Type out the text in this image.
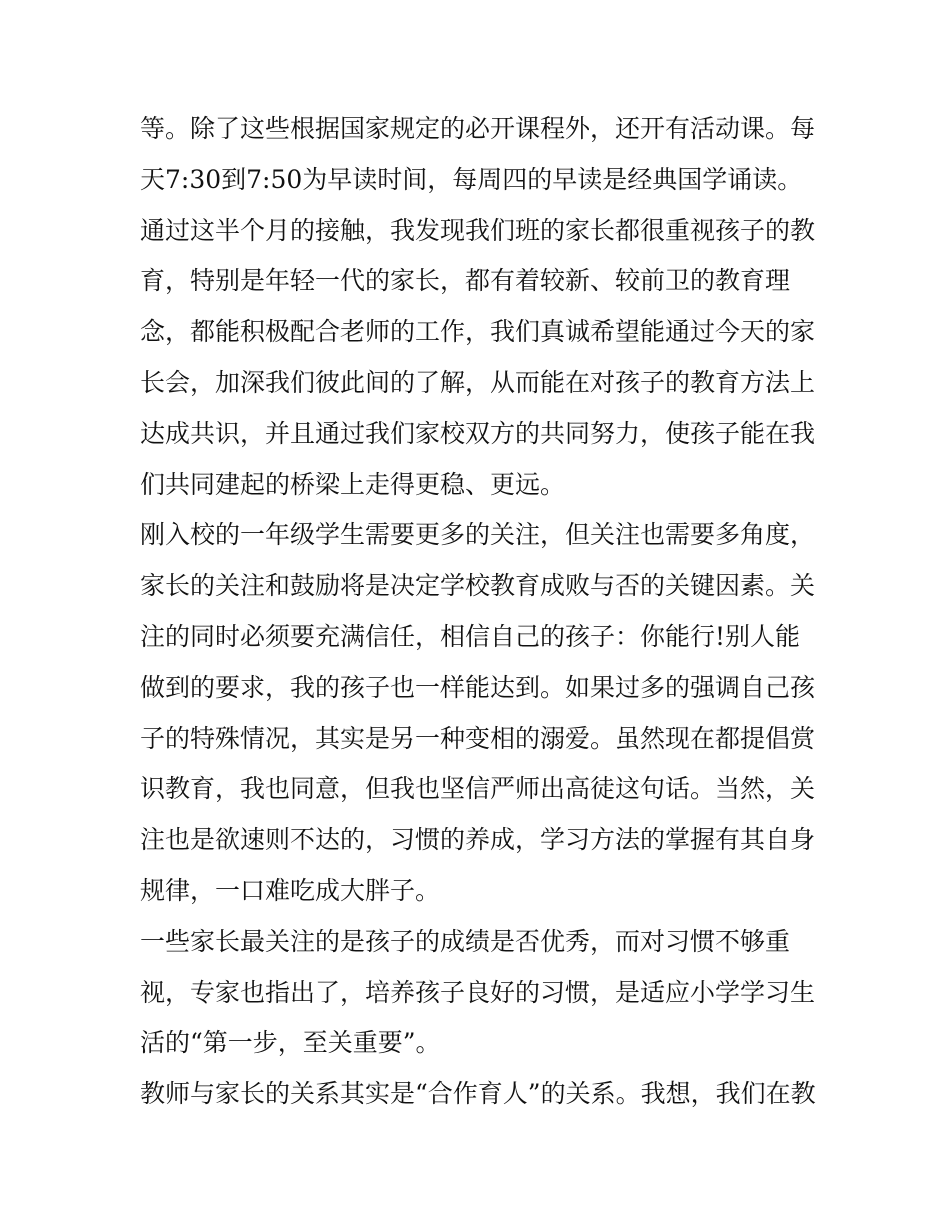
等。除了这些根据国家规定的必开课程外，还开有活动课。每
天7:30到7:50为早读时间，每周四的早读是经典国学诵读。
通过这半个月的接触，我发现我们班的家长都很重视孩子的教
育，特别是年轻一代的家长，都有着较新、较前卫的教育理
念，都能积极配合老师的工作，我们真诚希望能通过今天的家
长会，加深我们彼此间的了解，从而能在对孩子的教育方法上
达成共识，并且通过我们家校双方的共同努力，使孩子能在我
们共同建起的桥梁上走得更稳、更远。
刚入校的一年级学生需要更多的关注，但关注也需要多角度，
家长的关注和鼓励将是决定学校教育成败与否的关键因素。关
注的同时必须要充满信任，相信自己的孩子：你能行!别人能
做到的要求，我的孩子也一样能达到。如果过多的强调自己孩
子的特殊情况，其实是另一种变相的溺爱。虽然现在都提倡赏
识教育，我也同意，但我也坚信严师出高徒这句话。当然，关
注也是欲速则不达的，习惯的养成，学习方法的掌握有其自身
规律，一口难吃成大胖子。
一些家长最关注的是孩子的成绩是否优秀，而对习惯不够重
视，专家也指出了，培养孩子良好的习惯，是适应小学学习生
活的“第一步，至关重要”。
教师与家长的关系其实是“合作育人”的关系。我想，我们在教
